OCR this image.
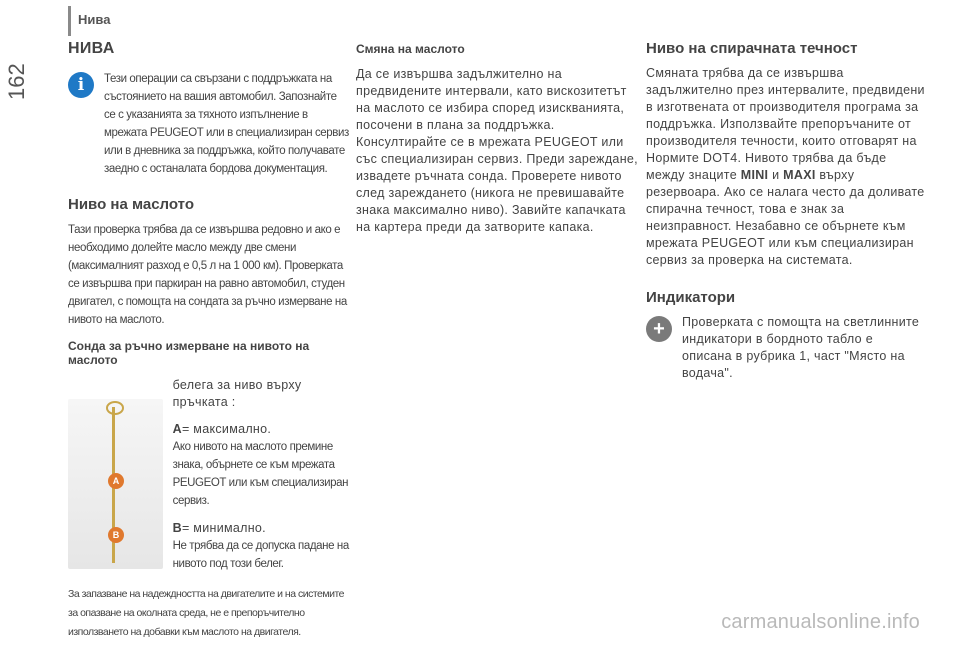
Нива
162
НИВА
i	Тези операции са свързани с поддръжката на състоянието на вашия автомобил. Запознайте се с указанията за тяхното изпълнение в мрежата PEUGEOT или в специализиран сервиз или в дневника за поддръжка, който получавате заедно с останалата бордова документация.

Ниво на маслото

Тази проверка трябва да се извършва редовно и ако е необходимо долейте масло между две смени (максималният разход е 0,5 л на 1 000 км). Проверката се извършва при паркиран на равно автомобил, студен двигател, с помощта на сондата за ръчно измерване на нивото на маслото.

Сонда за ръчно измерване на нивото на маслото
A
B

белега за ниво върху пръчката :

A= максимално.

Ако нивото на маслото премине знака, обърнете се към мрежата PEUGEOT или към специализиран сервиз.

B= минимално.

Не трябва да се допуска падане на нивото под този белег.

За запазване на надеждността на двигателите и на системите за опазване на околната среда, не е препоръчително използването на добавки към маслото на двигателя.

Смяна на маслото

Да се извършва задължително на предвидените интервали, като вискозитетът на маслото се избира според изискванията, посочени в плана за поддръжка. Консултирайте се в мрежата PEUGEOT или със специализиран сервиз. Преди зареждане, извадете ръчната сонда. Проверете нивото след зареждането (никога не превишавайте знака максимално ниво). Завийте капачката на картера преди да затворите капака.

Ниво на спирачната течност

Смяната трябва да се извършва задължително през интервалите, предвидени в изготвената от производителя програма за поддръжка. Използвайте препоръчаните от производителя течности, които отговарят на Нормите DOT4. Нивото трябва да бъде между знаците MINI и MAXI върху резервоара. Ако се налага често да доливате спирачна течност, това е знак за неизправност. Незабавно се обърнете към мрежата PEUGEOT или към специализиран сервиз за проверка на системата.

Индикатори
+	Проверката с помощта на светлинните индикатори в бордното табло е описана в рубрика 1, част "Място на водача".

carmanualsonline.info
